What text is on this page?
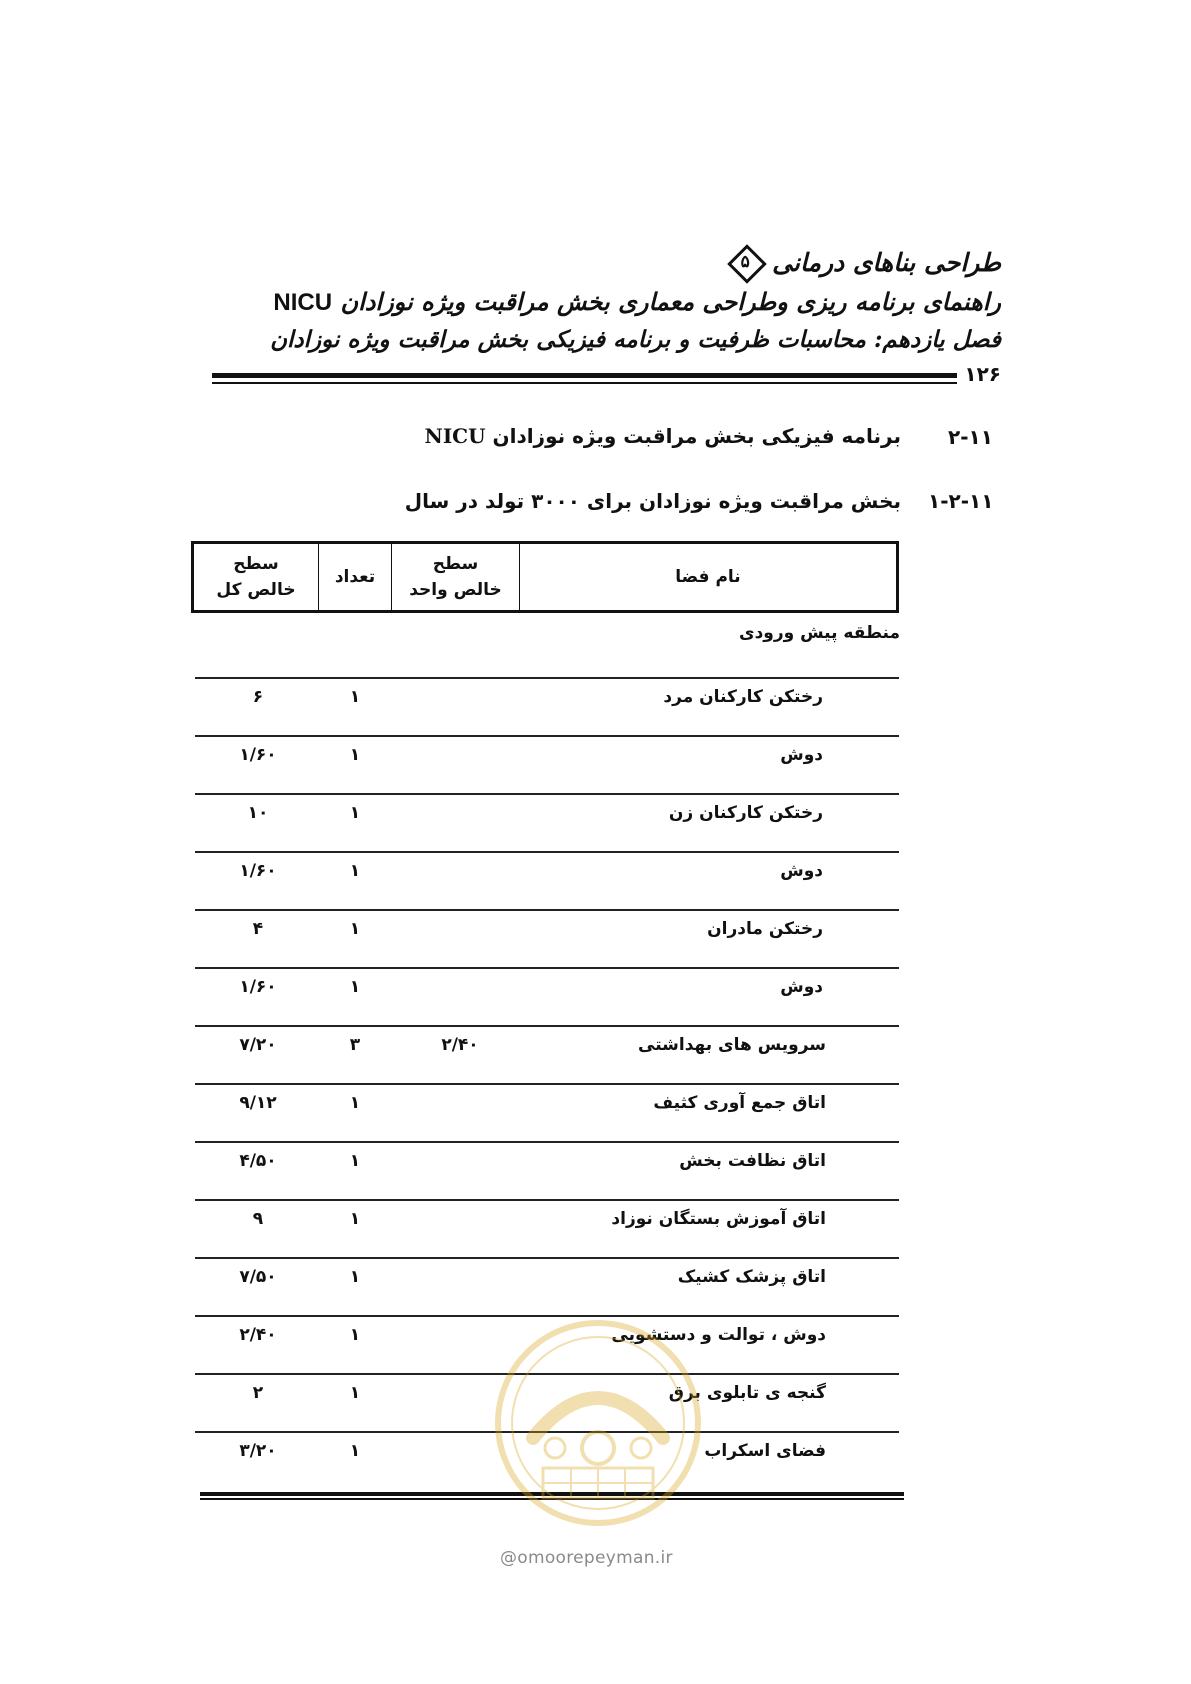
طراحی بناهای درمانی
۵
راهنمای برنامه ریزی وطراحی معماری بخش مراقبت ویژه نوزادان NICU
فصل یازدهم: محاسبات ظرفیت و برنامه فیزیکی بخش مراقبت ویژه نوزادان
۱۲۶
۲-۱۱
برنامه فیزیکی بخش مراقبت ویژه نوزادان NICU
۱-۲-۱۱
بخش مراقبت ویژه نوزادان برای ۳۰۰۰ تولد در سال
سطح
خالص کل
تعداد
سطح
خالص واحد
نام فضا
منطقه پیش ورودی
رختکن کارکنان مرد
۱
۶
دوش
۱
۱/۶۰
رختکن کارکنان زن
۱
۱۰
دوش
۱
۱/۶۰
رختکن مادران
۱
۴
دوش
۱
۱/۶۰
سرویس های بهداشتی
۲/۴۰
۳
۷/۲۰
اتاق جمع آوری کثیف
۱
۹/۱۲
اتاق نظافت بخش
۱
۴/۵۰
اتاق آموزش بستگان نوزاد
۱
۹
اتاق پزشک کشیک
۱
۷/۵۰
دوش ، توالت و دستشویی
۱
۲/۴۰
گنجه ی تابلوی برق
۱
۲
فضای اسکراب
۱
۳/۲۰
@omoorepeyman.ir
